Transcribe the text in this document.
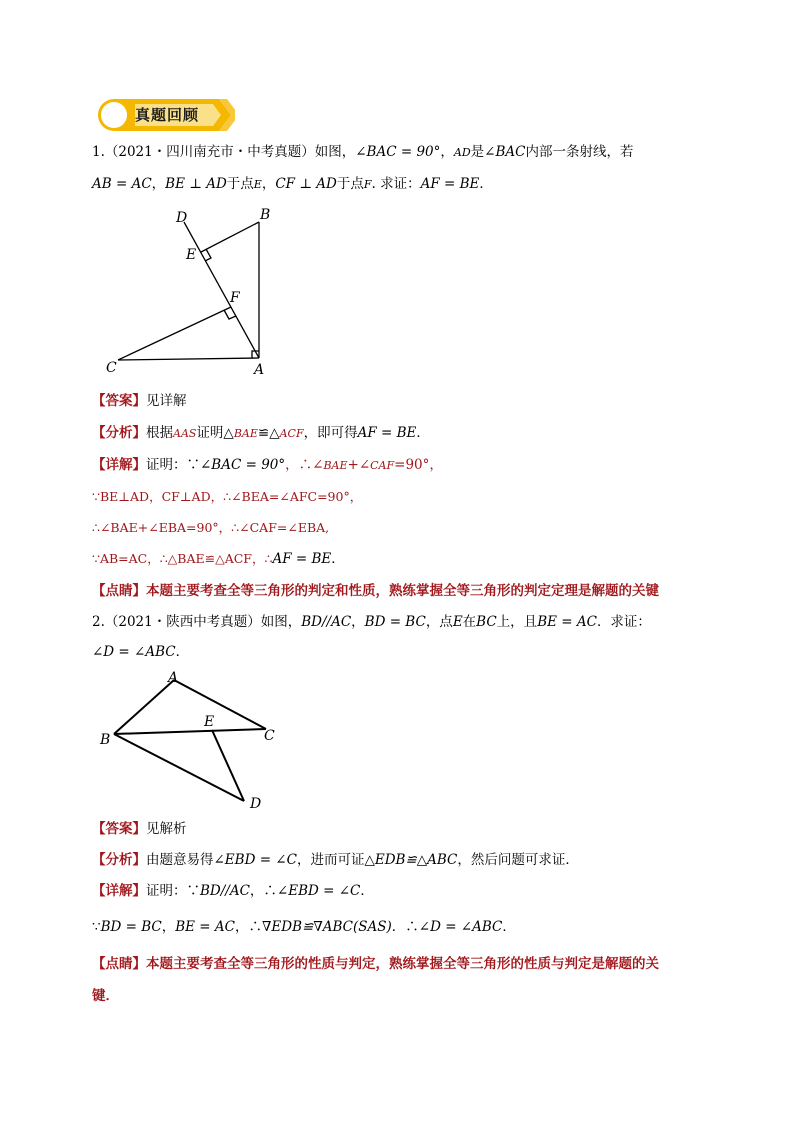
真题回顾
1.（2021・四川南充市・中考真题）如图，∠BAC = 90°，AD是∠BAC内部一条射线，若
AB = AC，BE ⊥ AD于点E，CF ⊥ AD于点F. 求证：AF = BE．
D	B
E
F
C	A
【答案】见详解
【分析】根据AAS证明△BAE≌△ACF，即可得AF = BE．
【详解】证明：∵∠BAC = 90°，∴∠BAE+∠CAF=90°，
∵BE⊥AD，CF⊥AD，∴∠BEA=∠AFC=90°，
∴∠BAE+∠EBA=90°，∴∠CAF=∠EBA,
∵AB=AC，∴△BAE≌△ACF，∴AF = BE．
【点睛】本题主要考查全等三角形的判定和性质，熟练掌握全等三角形的判定定理是解题的关键
2.（2021・陕西中考真题）如图，BD//AC，BD = BC，点E在BC上，且BE = AC．求证：
∠D = ∠ABC．
A
B
E
C
D
【答案】见解析
【分析】由题意易得∠EBD = ∠C，进而可证△EDB≌△ABC，然后问题可求证．
【详解】证明：∵BD//AC，∴∠EBD = ∠C．
∵BD = BC，BE = AC，∴∇EDB≌∇ABC(SAS)．∴∠D = ∠ABC．
【点睛】本题主要考查全等三角形的性质与判定，熟练掌握全等三角形的性质与判定是解题的关
键．
